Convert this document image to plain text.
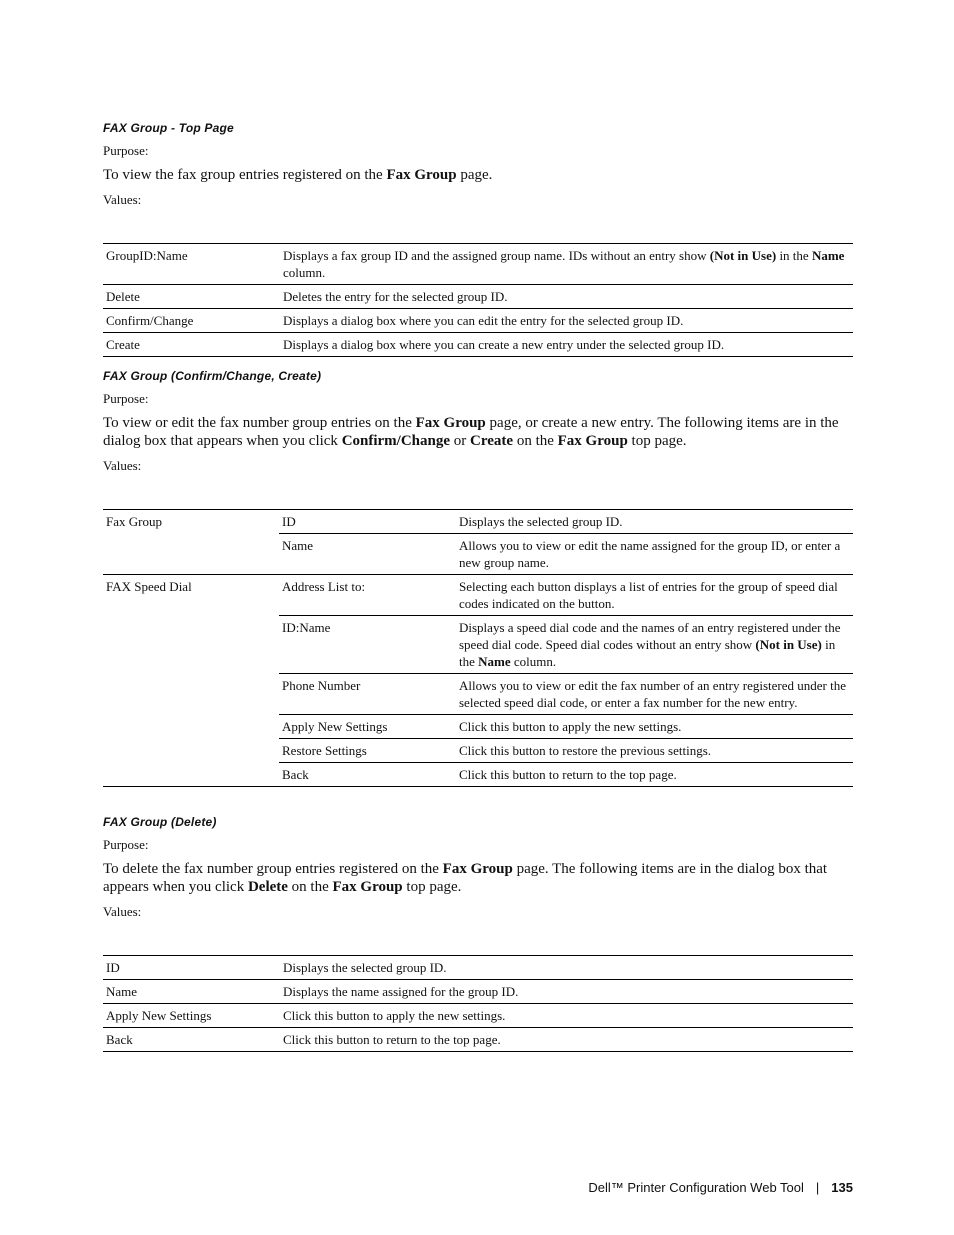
FAX Group - Top Page
Purpose:
To view the fax group entries registered on the Fax Group page.
Values:
GroupID:Name	Displays a fax group ID and the assigned group name. IDs without an entry show (Not in Use) in the Name column.
Delete	Deletes the entry for the selected group ID.
Confirm/Change	Displays a dialog box where you can edit the entry for the selected group ID.
Create	Displays a dialog box where you can create a new entry under the selected group ID.
FAX Group (Confirm/Change, Create)
Purpose:
To view or edit the fax number group entries on the Fax Group page, or create a new entry. The following items are in the dialog box that appears when you click Confirm/Change or Create on the Fax Group top page.
Values:
Fax Group	ID	Displays the selected group ID.
	Name	Allows you to view or edit the name assigned for the group ID, or enter a new group name.
FAX Speed Dial	Address List to:	Selecting each button displays a list of entries for the group of speed dial codes indicated on the button.
	ID:Name	Displays a speed dial code and the names of an entry registered under the speed dial code. Speed dial codes without an entry show (Not in Use) in the Name column.
	Phone Number	Allows you to view or edit the fax number of an entry registered under the selected speed dial code, or enter a fax number for the new entry.
	Apply New Settings	Click this button to apply the new settings.
	Restore Settings	Click this button to restore the previous settings.
	Back	Click this button to return to the top page.
FAX Group (Delete)
Purpose:
To delete the fax number group entries registered on the Fax Group page. The following items are in the dialog box that appears when you click Delete on the Fax Group top page.
Values:
ID	Displays the selected group ID.
Name	Displays the name assigned for the group ID.
Apply New Settings	Click this button to apply the new settings.
Back	Click this button to return to the top page.
Dell™ Printer Configuration Web Tool | 135
